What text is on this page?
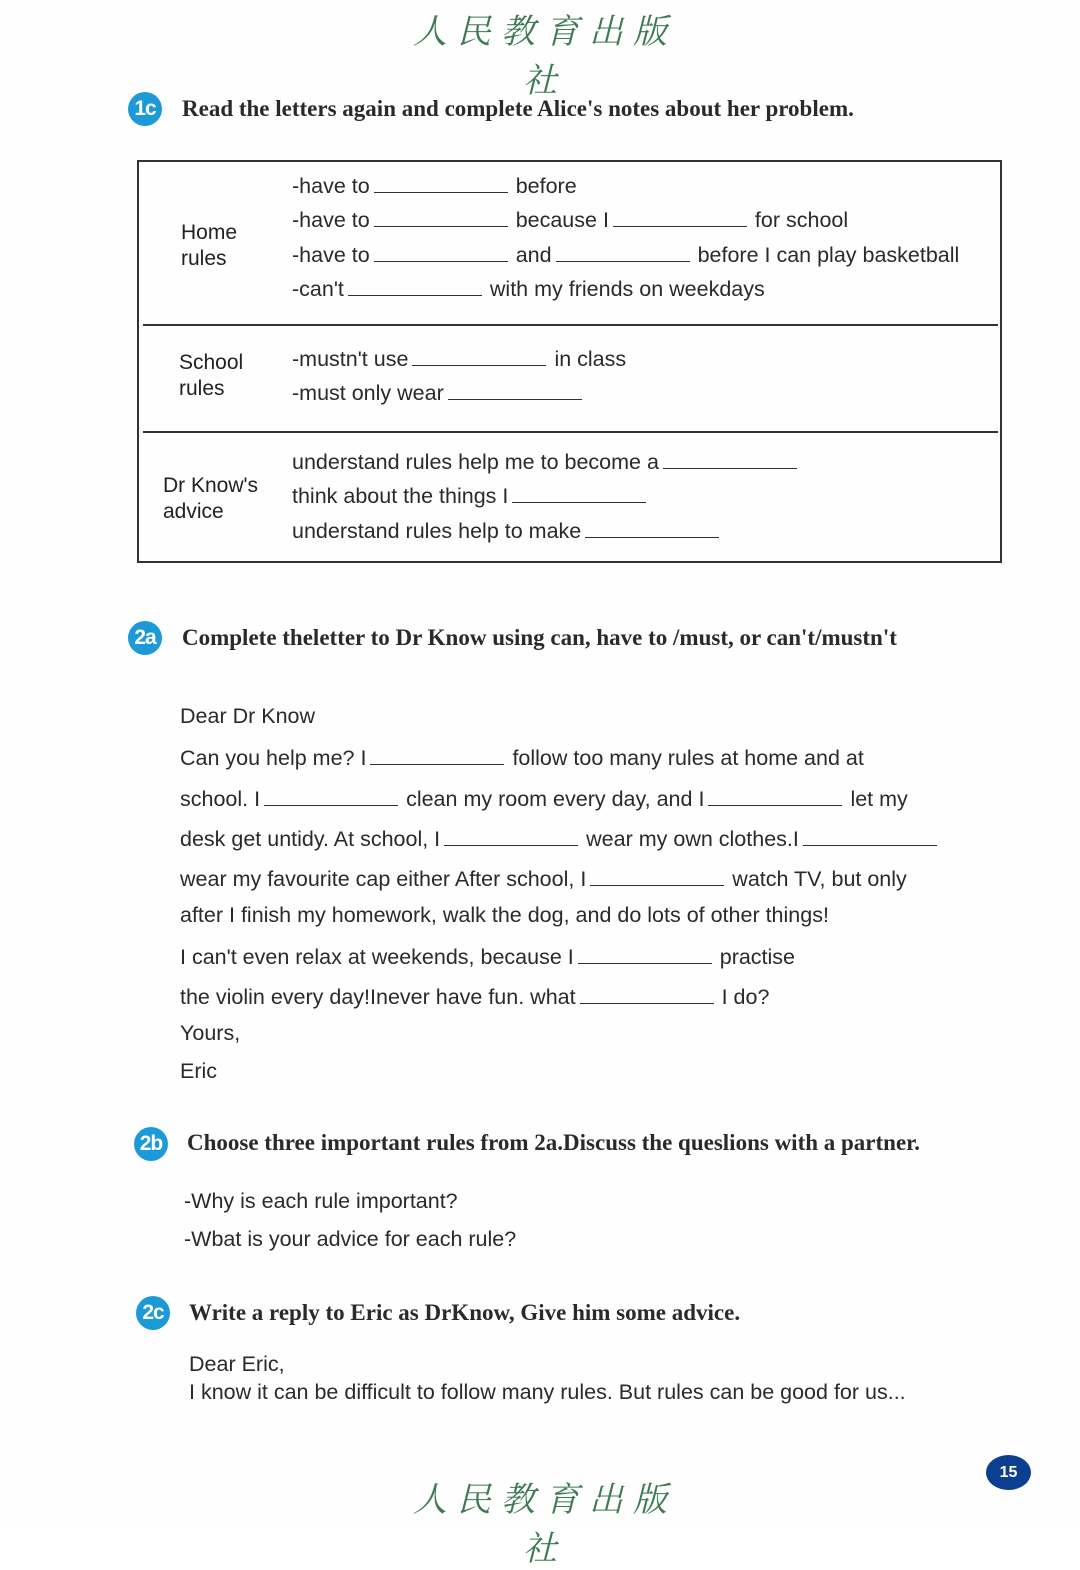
人民教育出版社
1c Read the letters again and complete Alice's notes about her problem.
Home
rules
-have to	before
-have to	because I	for school
-have to	and	before I can play basketball
-can't	with my friends on weekdays
School
rules
-mustn't use	in class
-must only wear
Dr Know's
advice
understand rules help me to become a
think about the things I
understand rules help to make
2a Complete theletter to Dr Know using can, have to /must, or can't/mustn't
Dear Dr Know
Can you help me? I	follow too many rules at home and at
school. I	clean my room every day, and I	let my
desk get untidy. At school, I	wear my own clothes.I
wear my favourite cap either After school, I	watch TV, but only
after I finish my homework, walk the dog, and do lots of other things!
I can't even relax at weekends, because I	practise
the violin every day!Inever have fun. what	I do?
Yours,
Eric
2b Choose three important rules from 2a.Discuss the queslions with a partner.
-Why is each rule important?
-Wbat is your advice for each rule?
2c Write a reply to Eric as DrKnow, Give him some advice.
Dear Eric,
I know it can be difficult to follow many rules. But rules can be good for us...
15
人民教育出版社
